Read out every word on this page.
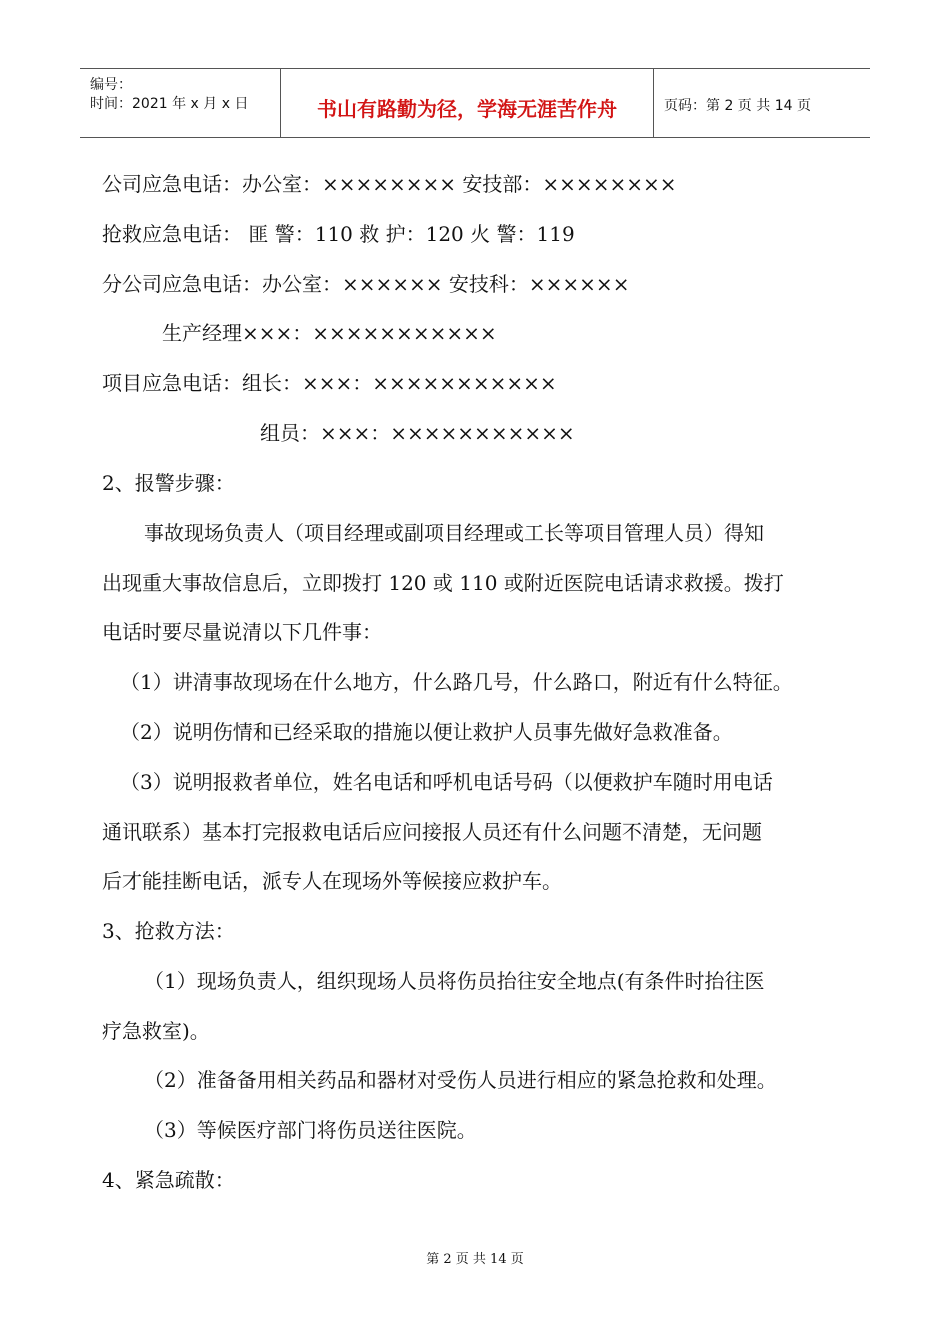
编号：
时间：2021 年 x 月 x 日	书山有路勤为径，学海无涯苦作舟	页码：第 2 页 共 14 页
公司应急电话：办公室：×××××××× 安技部：××××××××
抢救应急电话： 匪 警：110 救 护：120 火 警：119
分公司应急电话：办公室：×××××× 安技科：××××××
生产经理×××：×××××××××××
项目应急电话：组长：×××：×××××××××××
组员：×××：×××××××××××
2、报警步骤：
事故现场负责人（项目经理或副项目经理或工长等项目管理人员）得知
出现重大事故信息后，立即拨打 120 或 110 或附近医院电话请求救援。拨打
电话时要尽量说清以下几件事：
（1）讲清事故现场在什么地方，什么路几号，什么路口，附近有什么特征。
（2）说明伤情和已经采取的措施以便让救护人员事先做好急救准备。
（3）说明报救者单位，姓名电话和呼机电话号码（以便救护车随时用电话
通讯联系）基本打完报救电话后应问接报人员还有什么问题不清楚，无问题
后才能挂断电话，派专人在现场外等候接应救护车。
3、抢救方法：
（1）现场负责人，组织现场人员将伤员抬往安全地点(有条件时抬往医
疗急救室)。
（2）准备备用相关药品和器材对受伤人员进行相应的紧急抢救和处理。
（3）等候医疗部门将伤员送往医院。
4、紧急疏散：
第 2 页 共 14 页
